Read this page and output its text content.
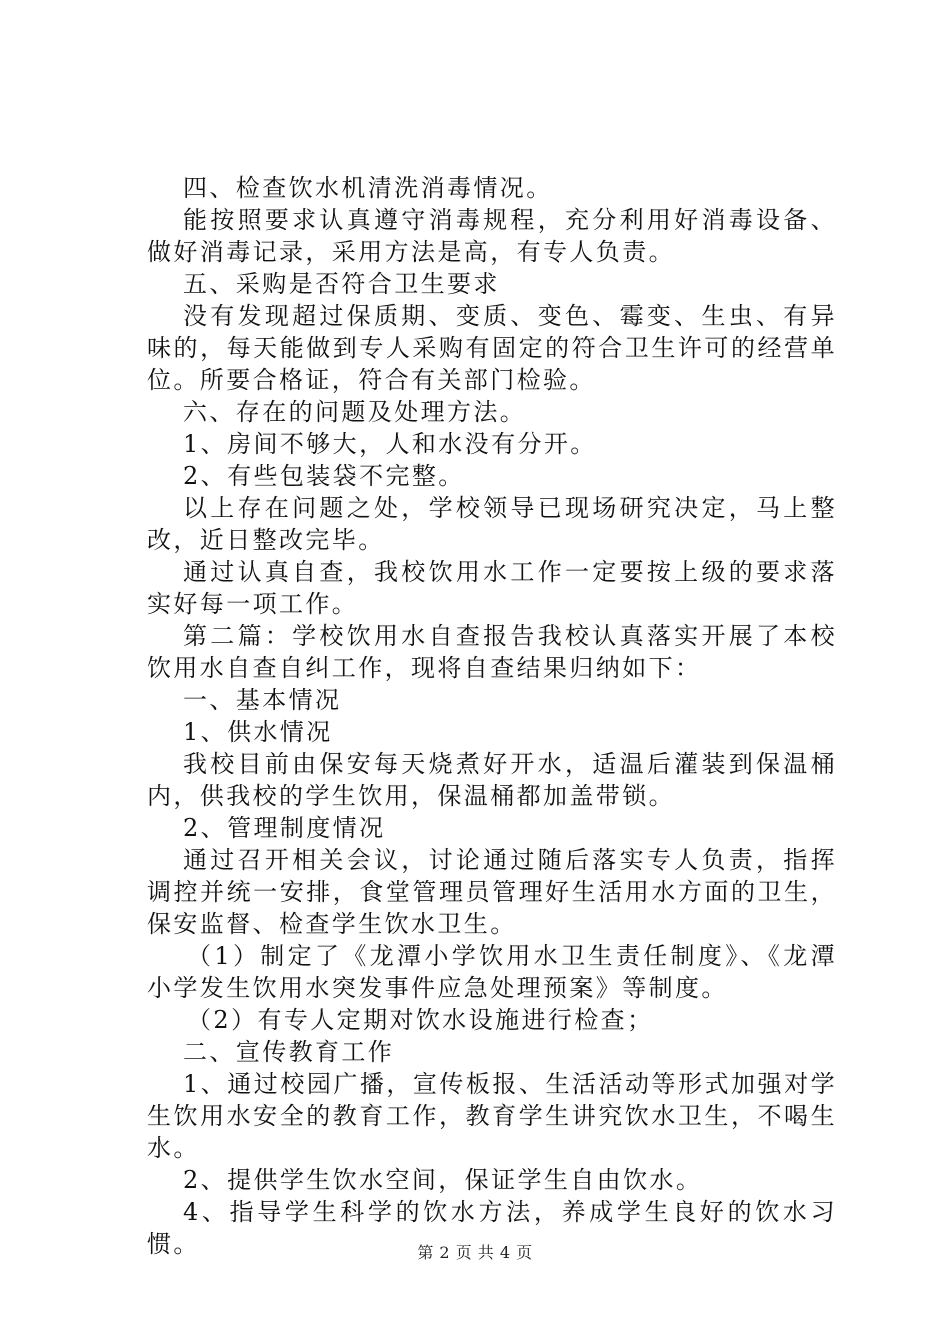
四、检查饮水机清洗消毒情况。

能按照要求认真遵守消毒规程，充分利用好消毒设备、做好消毒记录，采用方法是高，有专人负责。

五、采购是否符合卫生要求

没有发现超过保质期、变质、变色、霉变、生虫、有异味的，每天能做到专人采购有固定的符合卫生许可的经营单位。所要合格证，符合有关部门检验。

六、存在的问题及处理方法。

1、房间不够大，人和水没有分开。

2、有些包装袋不完整。

以上存在问题之处，学校领导已现场研究决定，马上整改，近日整改完毕。

通过认真自查，我校饮用水工作一定要按上级的要求落实好每一项工作。

第二篇：学校饮用水自查报告我校认真落实开展了本校饮用水自查自纠工作，现将自查结果归纳如下：

一、基本情况

1、供水情况

我校目前由保安每天烧煮好开水，适温后灌装到保温桶内，供我校的学生饮用，保温桶都加盖带锁。

2、管理制度情况

通过召开相关会议，讨论通过随后落实专人负责，指挥调控并统一安排，食堂管理员管理好生活用水方面的卫生，保安监督、检查学生饮水卫生。

（1）制定了《龙潭小学饮用水卫生责任制度》、《龙潭小学发生饮用水突发事件应急处理预案》等制度。

（2）有专人定期对饮水设施进行检查；

二、宣传教育工作

1、通过校园广播，宣传板报、生活活动等形式加强对学生饮用水安全的教育工作，教育学生讲究饮水卫生，不喝生水。

2、提供学生饮水空间，保证学生自由饮水。

4、指导学生科学的饮水方法，养成学生良好的饮水习惯。	第 2 页 共 4 页
